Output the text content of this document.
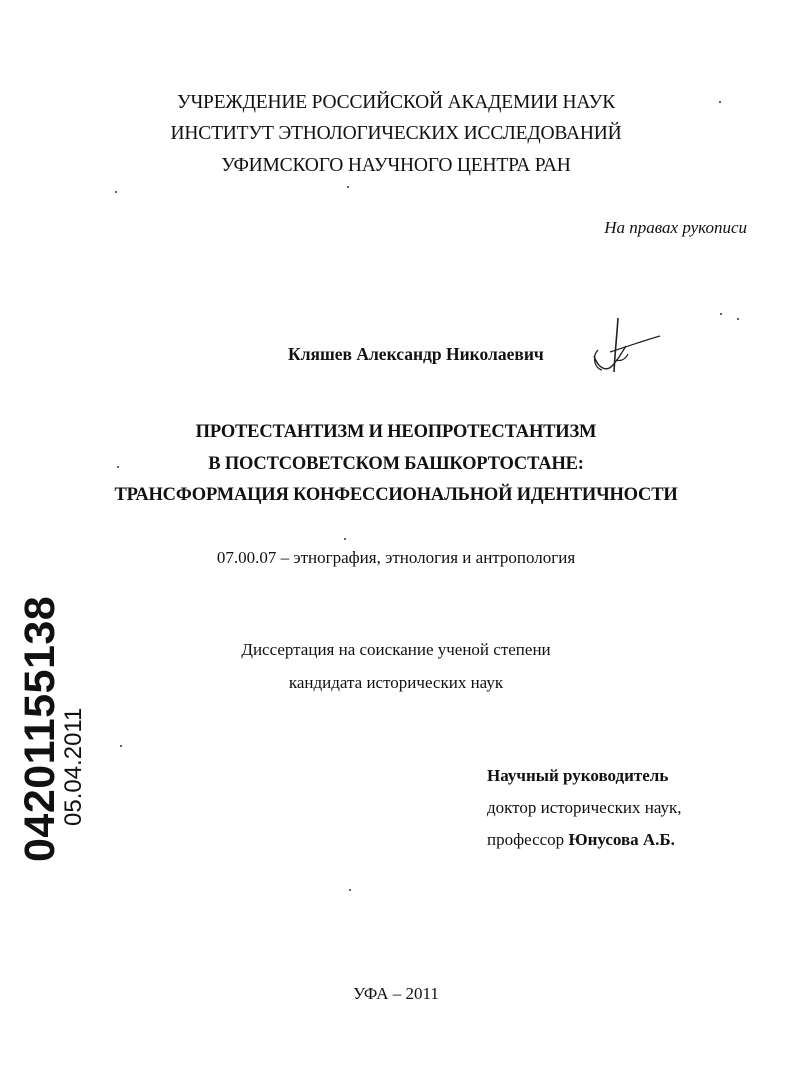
УЧРЕЖДЕНИЕ РОССИЙСКОЙ АКАДЕМИИ НАУК
ИНСТИТУТ ЭТНОЛОГИЧЕСКИХ ИССЛЕДОВАНИЙ
УФИМСКОГО НАУЧНОГО ЦЕНТРА РАН
На правах рукописи
Кляшев Александр Николаевич
ПРОТЕСТАНТИЗМ И НЕОПРОТЕСТАНТИЗМ
В ПОСТСОВЕТСКОМ БАШКОРТОСТАНЕ:
ТРАНСФОРМАЦИЯ КОНФЕССИОНАЛЬНОЙ ИДЕНТИЧНОСТИ
07.00.07 – этнография, этнология и антропология
Диссертация на соискание ученой степени
кандидата исторических наук
Научный руководитель
доктор исторических наук,
профессор Юнусова А.Б.
04201155138
05.04.2011
УФА – 2011
